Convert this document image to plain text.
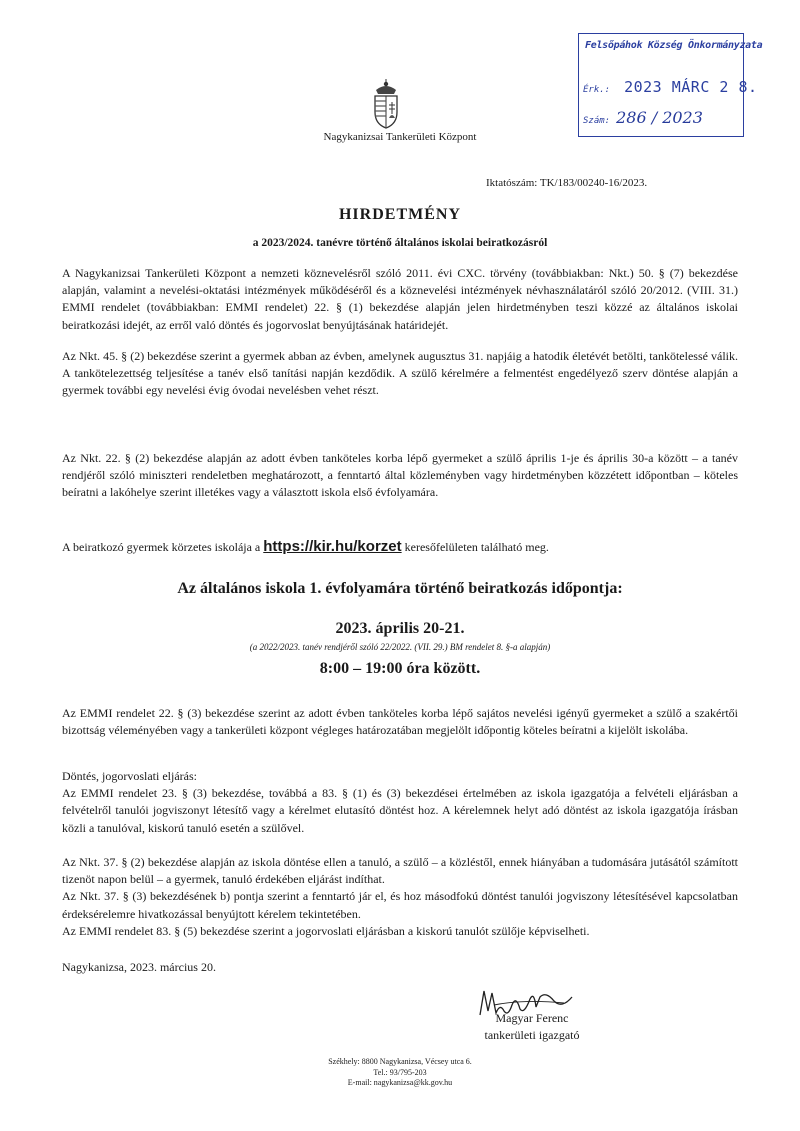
Felsőpáhok Község Önkormányzata
Érk.: 2023 MÁRC 2 8.
Szám: 286 / 2023
Nagykanizsai Tankerületi Központ
Iktatószám: TK/183/00240-16/2023.
HIRDETMÉNY
a 2023/2024. tanévre történő általános iskolai beiratkozásról
A Nagykanizsai Tankerületi Központ a nemzeti köznevelésről szóló 2011. évi CXC. törvény (továbbiakban: Nkt.) 50. § (7) bekezdése alapján, valamint a nevelési-oktatási intézmények működéséről és a köznevelési intézmények névhasználatáról szóló 20/2012. (VIII. 31.) EMMI rendelet (továbbiakban: EMMI rendelet) 22. § (1) bekezdése alapján jelen hirdetményben teszi közzé az általános iskolai beiratkozási idejét, az erről való döntés és jogorvoslat benyújtásának határidejét.
Az Nkt. 45. § (2) bekezdése szerint a gyermek abban az évben, amelynek augusztus 31. napjáig a hatodik életévét betölti, tankötelessé válik. A tankötelezettség teljesítése a tanév első tanítási napján kezdődik. A szülő kérelmére a felmentést engedélyező szerv döntése alapján a gyermek további egy nevelési évig óvodai nevelésben vehet részt.
Az Nkt. 22. § (2) bekezdése alapján az adott évben tanköteles korba lépő gyermeket a szülő április 1-je és április 30-a között – a tanév rendjéről szóló miniszteri rendeletben meghatározott, a fenntartó által közleményben vagy hirdetményben közzétett időpontban – köteles beíratni a lakóhelye szerint illetékes vagy a választott iskola első évfolyamára.
A beiratkozó gyermek körzetes iskolája a https://kir.hu/korzet keresőfelületen található meg.
Az általános iskola 1. évfolyamára történő beiratkozás időpontja:
2023. április 20-21.
(a 2022/2023. tanév rendjéről szóló 22/2022. (VII. 29.) BM rendelet 8. §-a alapján)
8:00 – 19:00 óra között.
Az EMMI rendelet 22. § (3) bekezdése szerint az adott évben tanköteles korba lépő sajátos nevelési igényű gyermeket a szülő a szakértői bizottság véleményében vagy a tankerületi központ végleges határozatában megjelölt időpontig köteles beíratni a kijelölt iskolába.
Döntés, jogorvoslati eljárás:
Az EMMI rendelet 23. § (3) bekezdése, továbbá a 83. § (1) és (3) bekezdései értelmében az iskola igazgatója a felvételi eljárásban a felvételről tanulói jogviszonyt létesítő vagy a kérelmet elutasító döntést hoz. A kérelemnek helyt adó döntést az iskola igazgatója írásban közli a tanulóval, kiskorú tanuló esetén a szülővel.
Az Nkt. 37. § (2) bekezdése alapján az iskola döntése ellen a tanuló, a szülő – a közléstől, ennek hiányában a tudomására jutásától számított tizenöt napon belül – a gyermek, tanuló érdekében eljárást indíthat.
Az Nkt. 37. § (3) bekezdésének b) pontja szerint a fenntartó jár el, és hoz másodfokú döntést tanulói jogviszony létesítésével kapcsolatban érdeksérelemre hivatkozással benyújtott kérelem tekintetében.
Az EMMI rendelet 83. § (5) bekezdése szerint a jogorvoslati eljárásban a kiskorú tanulót szülője képviselheti.
Nagykanizsa, 2023. március 20.
Magyar Ferenc
tankerületi igazgató
Székhely: 8800 Nagykanizsa, Vécsey utca 6.
Tel.: 93/795-203
E-mail: nagykanizsa@kk.gov.hu
